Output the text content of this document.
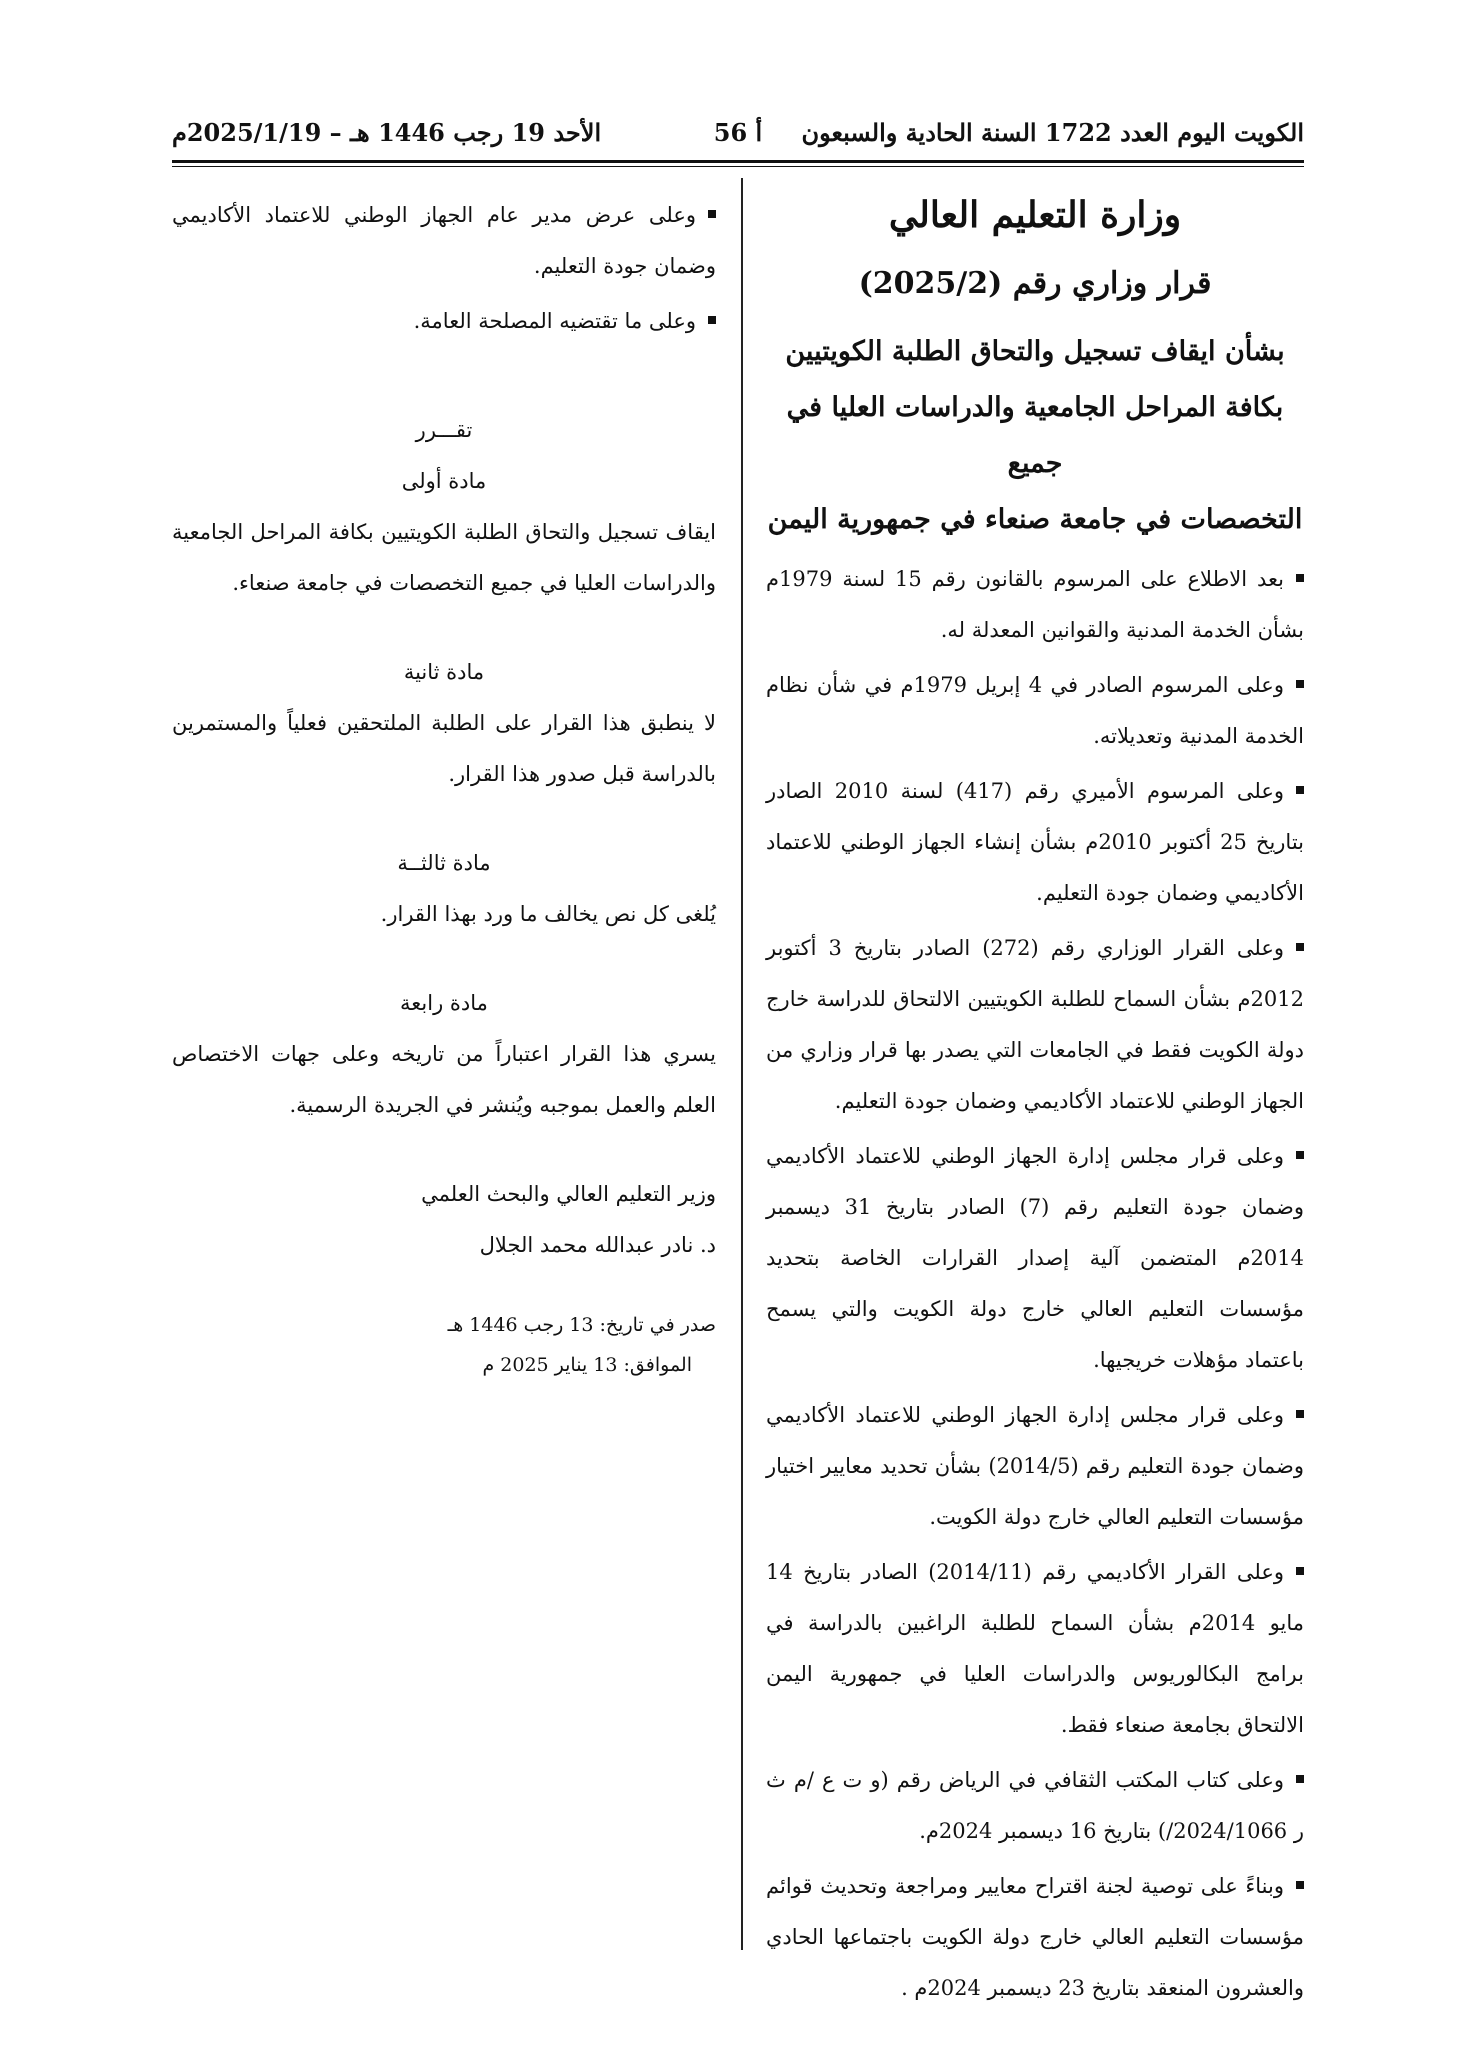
الكويت اليوم العدد 1722 السنة الحادية والسبعون
أ 56
الأحد 19 رجب 1446 هـ – 2025/1/19م
وزارة التعليم العالي
قرار وزاري رقم (2025/2)
بشأن ايقاف تسجيل والتحاق الطلبة الكويتيين
بكافة المراحل الجامعية والدراسات العليا في جميع
التخصصات في جامعة صنعاء في جمهورية اليمن

بعد الاطلاع على المرسوم بالقانون رقم 15 لسنة 1979م بشأن الخدمة المدنية والقوانين المعدلة له.

وعلى المرسوم الصادر في 4 إبريل 1979م في شأن نظام الخدمة المدنية وتعديلاته.

وعلى المرسوم الأميري رقم (417) لسنة 2010 الصادر بتاريخ 25 أكتوبر 2010م بشأن إنشاء الجهاز الوطني للاعتماد الأكاديمي وضمان جودة التعليم.

وعلى القرار الوزاري رقم (272) الصادر بتاريخ 3 أكتوبر 2012م بشأن السماح للطلبة الكويتيين الالتحاق للدراسة خارج دولة الكويت فقط في الجامعات التي يصدر بها قرار وزاري من الجهاز الوطني للاعتماد الأكاديمي وضمان جودة التعليم.

وعلى قرار مجلس إدارة الجهاز الوطني للاعتماد الأكاديمي وضمان جودة التعليم رقم (7) الصادر بتاريخ 31 ديسمبر 2014م المتضمن آلية إصدار القرارات الخاصة بتحديد مؤسسات التعليم العالي خارج دولة الكويت والتي يسمح باعتماد مؤهلات خريجيها.

وعلى قرار مجلس إدارة الجهاز الوطني للاعتماد الأكاديمي وضمان جودة التعليم رقم (2014/5) بشأن تحديد معايير اختيار مؤسسات التعليم العالي خارج دولة الكويت.

وعلى القرار الأكاديمي رقم (2014/11) الصادر بتاريخ 14 مايو 2014م بشأن السماح للطلبة الراغبين بالدراسة في برامج البكالوريوس والدراسات العليا في جمهورية اليمن الالتحاق بجامعة صنعاء فقط.

وعلى كتاب المكتب الثقافي في الرياض رقم (و ت ع /م ث ر 2024/1066/) بتاريخ 16 ديسمبر 2024م.

وبناءً على توصية لجنة اقتراح معايير ومراجعة وتحديث قوائم مؤسسات التعليم العالي خارج دولة الكويت باجتماعها الحادي والعشرون المنعقد بتاريخ 23 ديسمبر 2024م .

وعلى عرض مدير عام الجهاز الوطني للاعتماد الأكاديمي وضمان جودة التعليم.

وعلى ما تقتضيه المصلحة العامة.

تقـــرر

مادة أولى

ايقاف تسجيل والتحاق الطلبة الكويتيين بكافة المراحل الجامعية والدراسات العليا في جميع التخصصات في جامعة صنعاء.

مادة ثانية

لا ينطبق هذا القرار على الطلبة الملتحقين فعلياً والمستمرين بالدراسة قبل صدور هذا القرار.

مادة ثالثــة

يُلغى كل نص يخالف ما ورد بهذا القرار.

مادة رابعة

يسري هذا القرار اعتباراً من تاريخه وعلى جهات الاختصاص العلم والعمل بموجبه ويُنشر في الجريدة الرسمية.

وزير التعليم العالي والبحث العلمي

د. نادر عبدالله محمد الجلال

صدر في تاريخ: 13 رجب 1446 هـ

الموافق: 13 يناير 2025 م
